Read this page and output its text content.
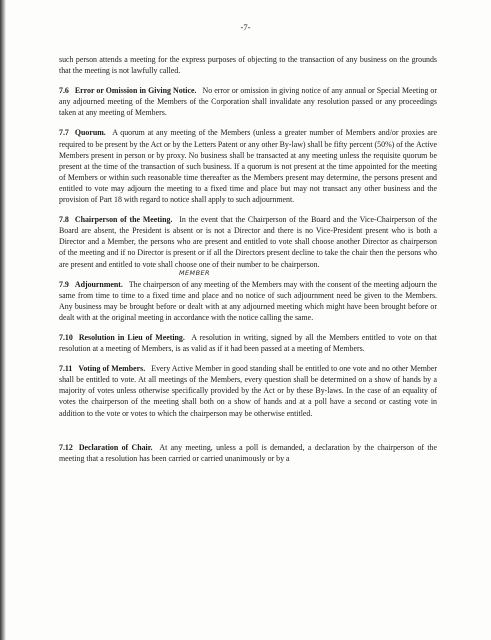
-7-

such person attends a meeting for the express purposes of objecting to the transaction of any business on the grounds that the meeting is not lawfully called.

7.6 Error or Omission in Giving Notice. No error or omission in giving notice of any annual or Special Meeting or any adjourned meeting of the Members of the Corporation shall invalidate any resolution passed or any proceedings taken at any meeting of Members.

7.7 Quorum. A quorum at any meeting of the Members (unless a greater number of Members and/or proxies are required to be present by the Act or by the Letters Patent or any other By-law) shall be fifty percent (50%) of the Active Members present in person or by proxy. No business shall be transacted at any meeting unless the requisite quorum be present at the time of the transaction of such business. If a quorum is not present at the time appointed for the meeting of Members or within such reasonable time thereafter as the Members present may determine, the persons present and entitled to vote may adjourn the meeting to a fixed time and place but may not transact any other business and the provision of Part 18 with regard to notice shall apply to such adjournment.

7.8 Chairperson of the Meeting. In the event that the Chairperson of the Board and the Vice-Chairperson of the Board are absent, the President is absent or is not a Director and there is no Vice-President present who is both a Director and a Member, the persons who are present and entitled to vote shall choose another Director as chairperson of the meeting and if no Director is present or if all the Directors present decline to take the chair then the persons who are present and entitled to vote shall choose one of their number to be chairperson.
MEMBER

7.9 Adjournment. The chairperson of any meeting of the Members may with the consent of the meeting adjourn the same from time to time to a fixed time and place and no notice of such adjournment need be given to the Members. Any business may be brought before or dealt with at any adjourned meeting which might have been brought before or dealt with at the original meeting in accordance with the notice calling the same.

7.10 Resolution in Lieu of Meeting. A resolution in writing, signed by all the Members entitled to vote on that resolution at a meeting of Members, is as valid as if it had been passed at a meeting of Members.

7.11 Voting of Members. Every Active Member in good standing shall be entitled to one vote and no other Member shall be entitled to vote. At all meetings of the Members, every question shall be determined on a show of hands by a majority of votes unless otherwise specifically provided by the Act or by these By-laws. In the case of an equality of votes the chairperson of the meeting shall both on a show of hands and at a poll have a second or casting vote in addition to the vote or votes to which the chairperson may be otherwise entitled.

7.12 Declaration of Chair. At any meeting, unless a poll is demanded, a declaration by the chairperson of the meeting that a resolution has been carried or carried unanimously or by a
